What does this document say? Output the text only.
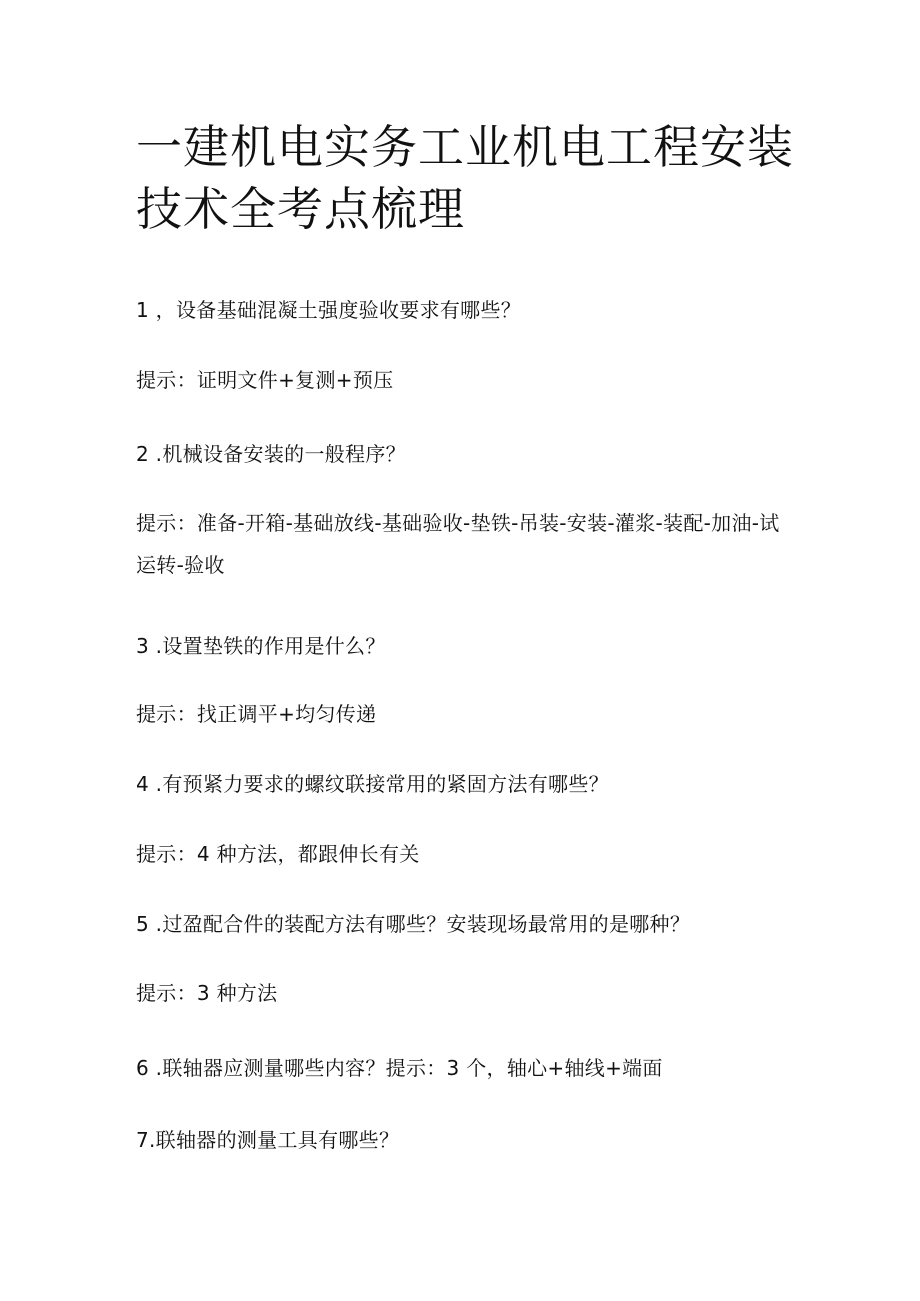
一建机电实务工业机电工程安装技术全考点梳理

1 ，设备基础混凝土强度验收要求有哪些？

提示：证明文件+复测+预压

2 .机械设备安装的一般程序？

提示：准备-开箱-基础放线-基础验收-垫铁-吊装-安装-灌浆-装配-加油-试运转-验收

3 .设置垫铁的作用是什么？

提示：找正调平+均匀传递

4 .有预紧力要求的螺纹联接常用的紧固方法有哪些？

提示：4 种方法，都跟伸长有关

5 .过盈配合件的装配方法有哪些？安装现场最常用的是哪种？

提示：3 种方法

6 .联轴器应测量哪些内容？提示：3 个，轴心+轴线+端面

7.联轴器的测量工具有哪些？
